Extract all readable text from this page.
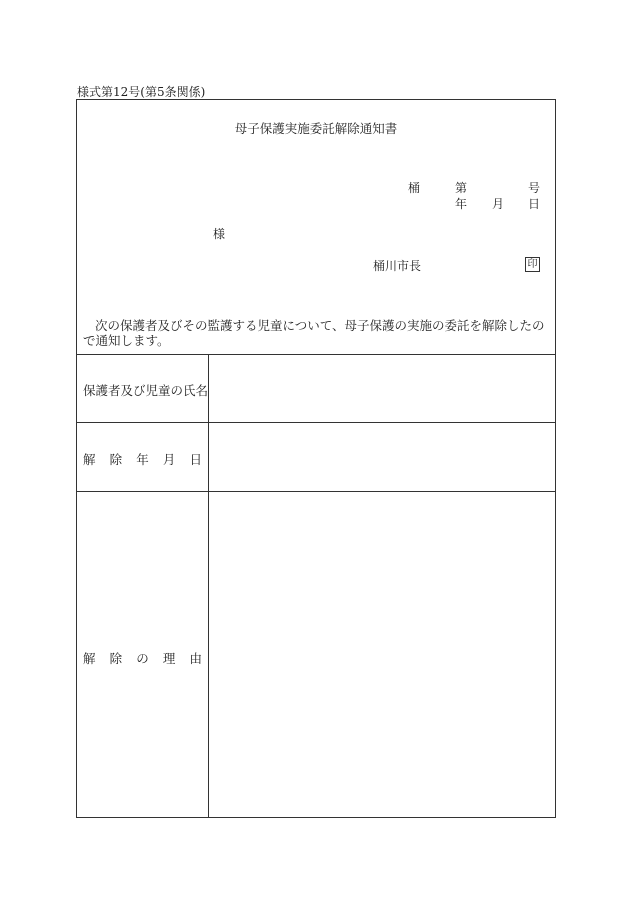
様式第12号(第5条関係)
母子保護実施委託解除通知書
桶	第	号
年 月 日
様
桶川市長	印
次の保護者及びその監護する児童について、母子保護の実施の委託を解除したので通知します。
保護者及び児童の氏名
解 除 年 月 日
解 除 の 理 由
